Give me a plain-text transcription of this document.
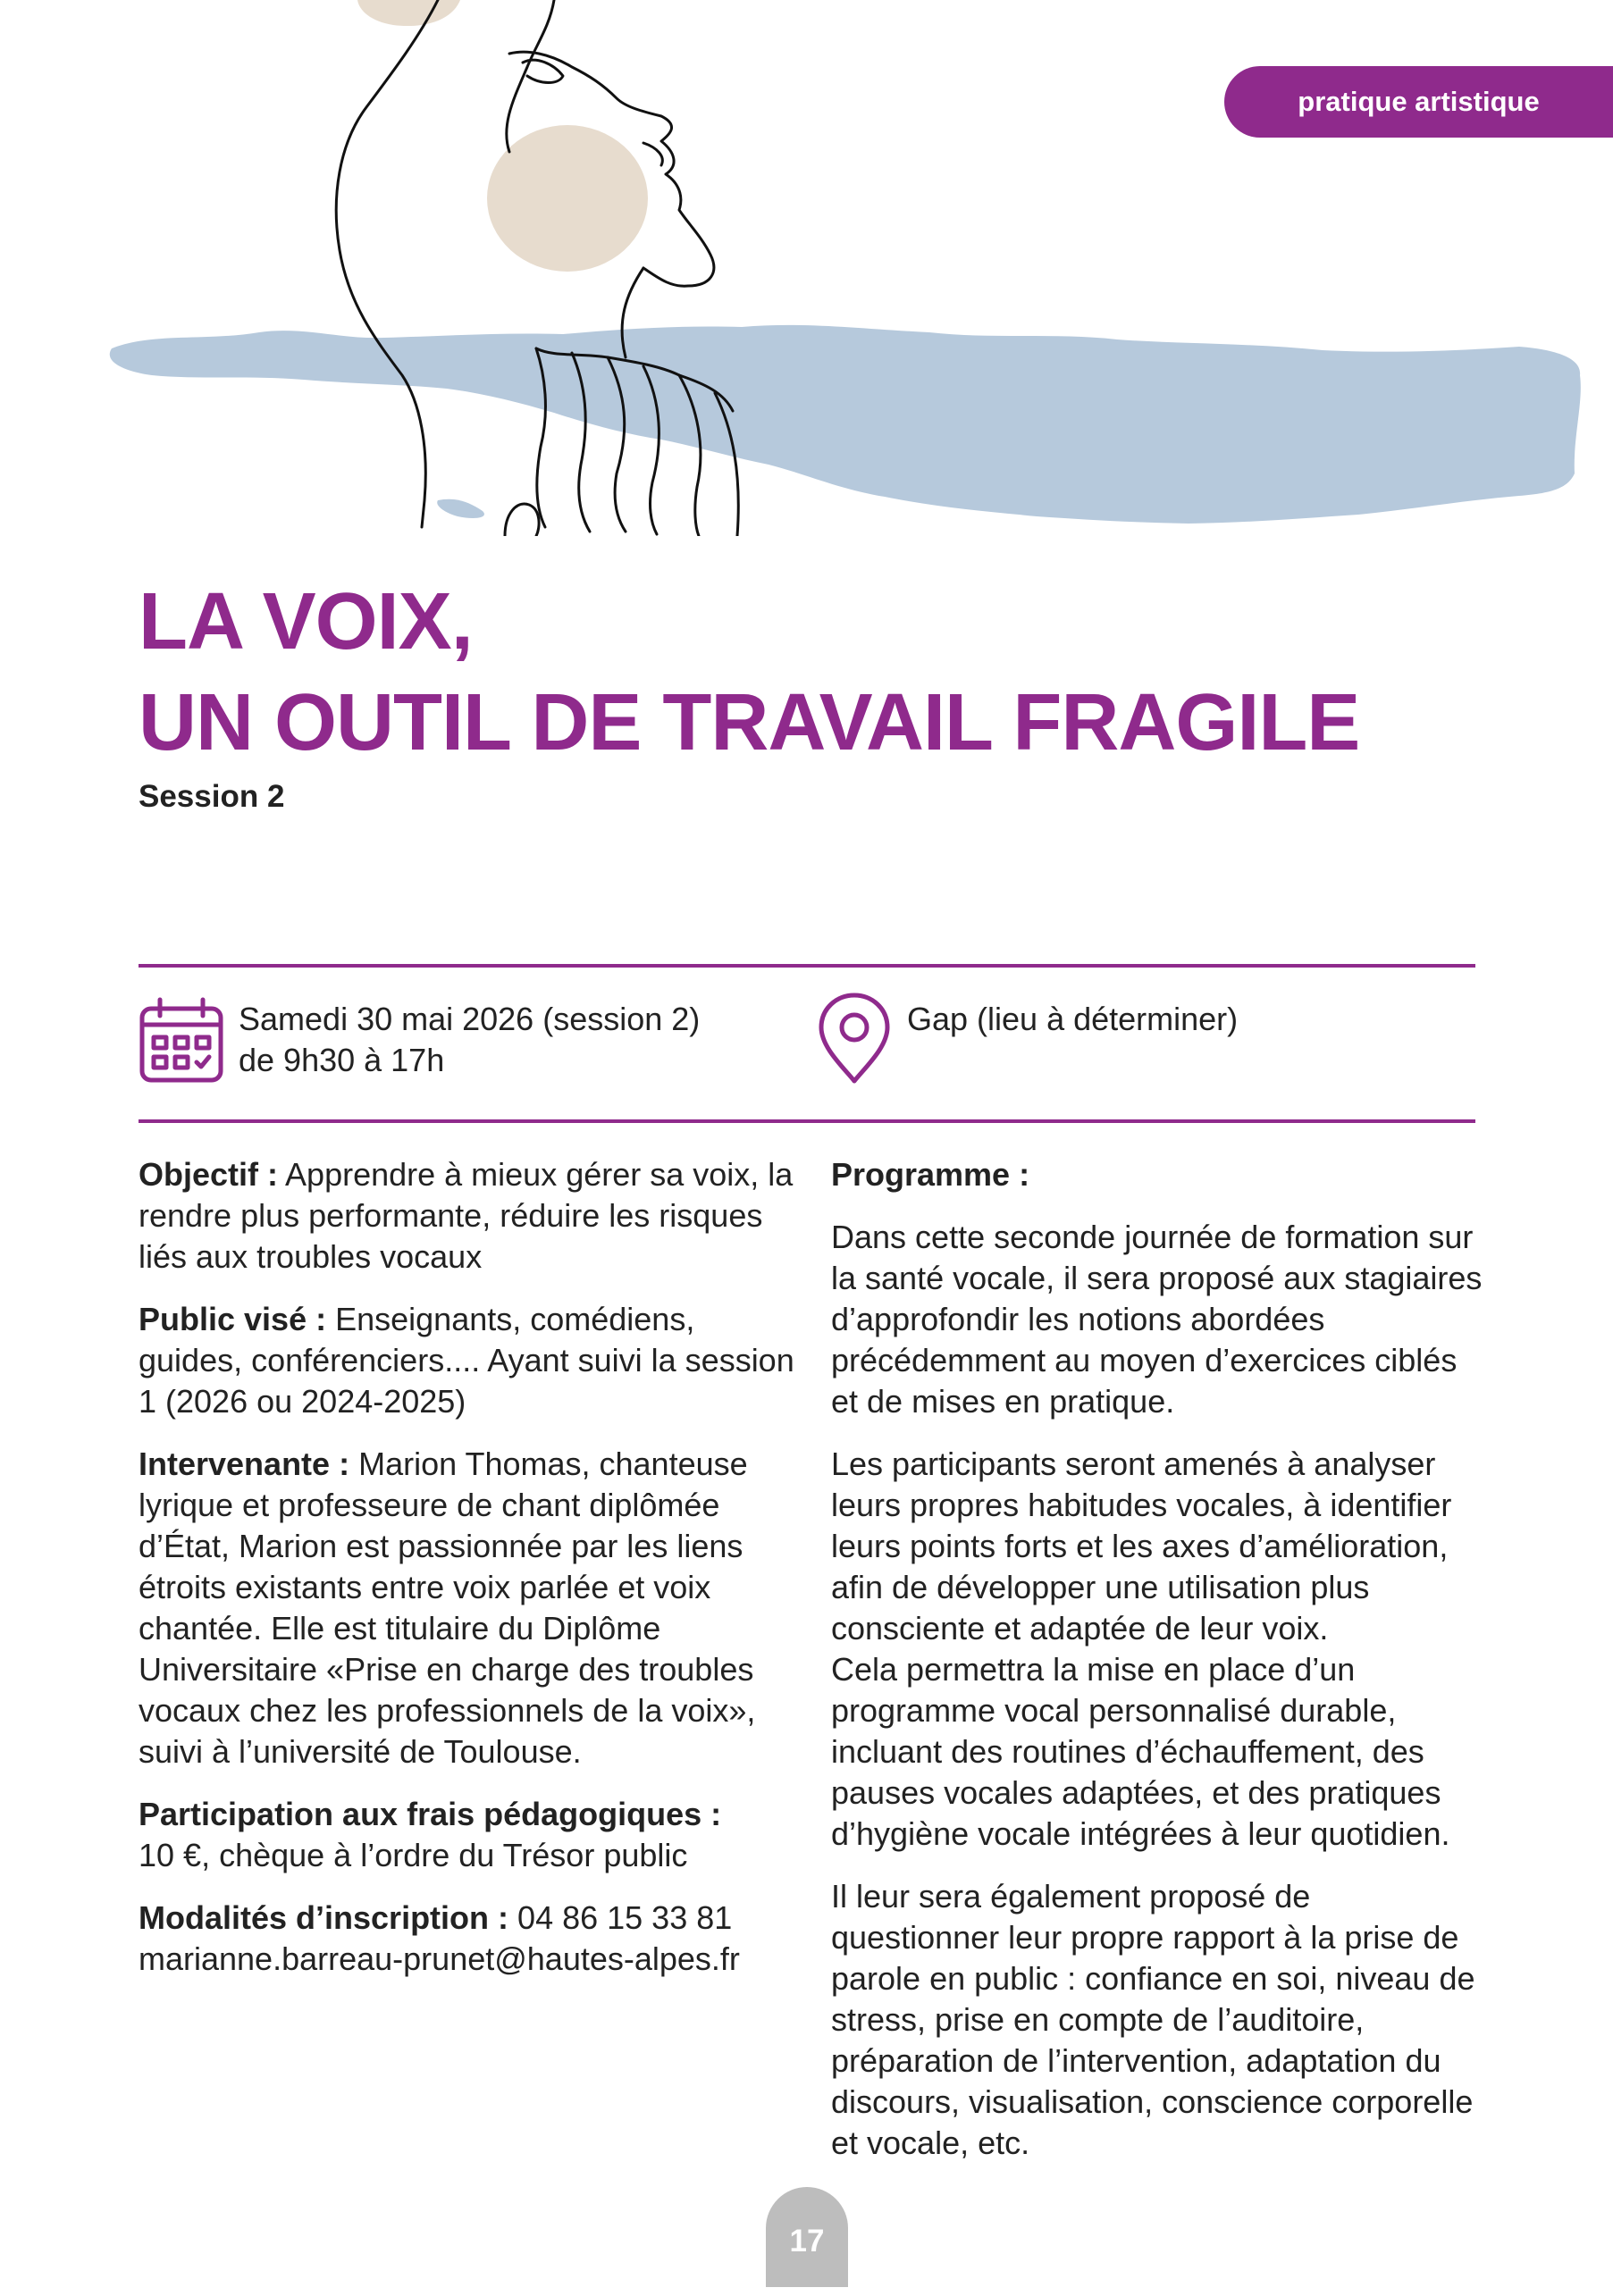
pratique artistique
LA VOIX,
UN OUTIL DE TRAVAIL FRAGILE
Session 2
Samedi 30 mai 2026 (session 2)
de 9h30 à 17h
Gap (lieu à déterminer)

Objectif : Apprendre à mieux gérer sa voix, la rendre plus performante, réduire les risques liés aux troubles vocaux

Public visé : Enseignants, comédiens, guides, conférenciers.... Ayant suivi la session 1 (2026 ou 2024-2025)

Intervenante : Marion Thomas, chanteuse lyrique et professeure de chant diplômée d’État, Marion est passionnée par les liens étroits existants entre voix parlée et voix chantée. Elle est titulaire du Diplôme Universitaire «Prise en charge des troubles vocaux chez les professionnels de la voix», suivi à l’université de Toulouse.

Participation aux frais pédagogiques :
10 €, chèque à l’ordre du Trésor public

Modalités d’inscription : 04 86 15 33 81
marianne.barreau-prunet@hautes-alpes.fr

Programme :

Dans cette seconde journée de formation sur la santé vocale, il sera proposé aux stagiaires d’approfondir les notions abordées précédemment au moyen d’exercices ciblés et de mises en pratique.

Les participants seront amenés à analyser leurs propres habitudes vocales, à identifier leurs points forts et les axes d’amélioration, afin de développer une utilisation plus consciente et adaptée de leur voix.
Cela permettra la mise en place d’un programme vocal personnalisé durable, incluant des routines d’échauffement, des pauses vocales adaptées, et des pratiques d’hygiène vocale intégrées à leur quotidien.

Il leur sera également proposé de questionner leur propre rapport à la prise de parole en public : confiance en soi, niveau de stress, prise en compte de l’auditoire, préparation de l’intervention, adaptation du discours, visualisation, conscience corporelle et vocale, etc.

17
